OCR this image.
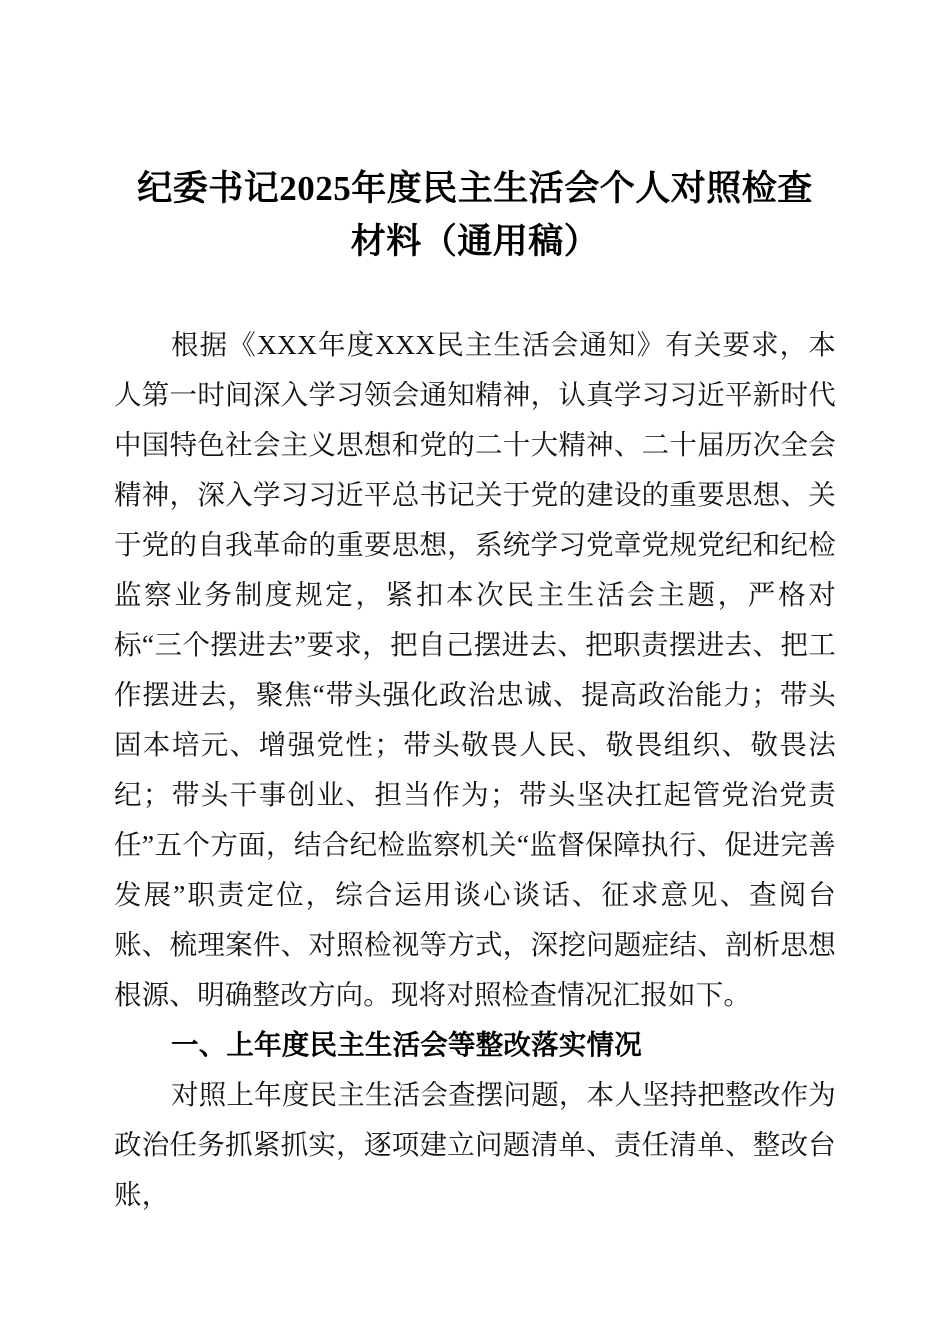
纪委书记2025年度民主生活会个人对照检查
材料（通用稿）

根据《XXX年度XXX民主生活会通知》有关要求，本人第一时间深入学习领会通知精神，认真学习习近平新时代中国特色社会主义思想和党的二十大精神、二十届历次全会精神，深入学习习近平总书记关于党的建设的重要思想、关于党的自我革命的重要思想，系统学习党章党规党纪和纪检监察业务制度规定，紧扣本次民主生活会主题，严格对标“三个摆进去”要求，把自己摆进去、把职责摆进去、把工作摆进去，聚焦“带头强化政治忠诚、提高政治能力；带头固本培元、增强党性；带头敬畏人民、敬畏组织、敬畏法纪；带头干事创业、担当作为；带头坚决扛起管党治党责任”五个方面，结合纪检监察机关“监督保障执行、促进完善发展”职责定位，综合运用谈心谈话、征求意见、查阅台账、梳理案件、对照检视等方式，深挖问题症结、剖析思想根源、明确整改方向。现将对照检查情况汇报如下。

一、上年度民主生活会等整改落实情况

对照上年度民主生活会查摆问题，本人坚持把整改作为政治任务抓紧抓实，逐项建立问题清单、责任清单、整改台账，
